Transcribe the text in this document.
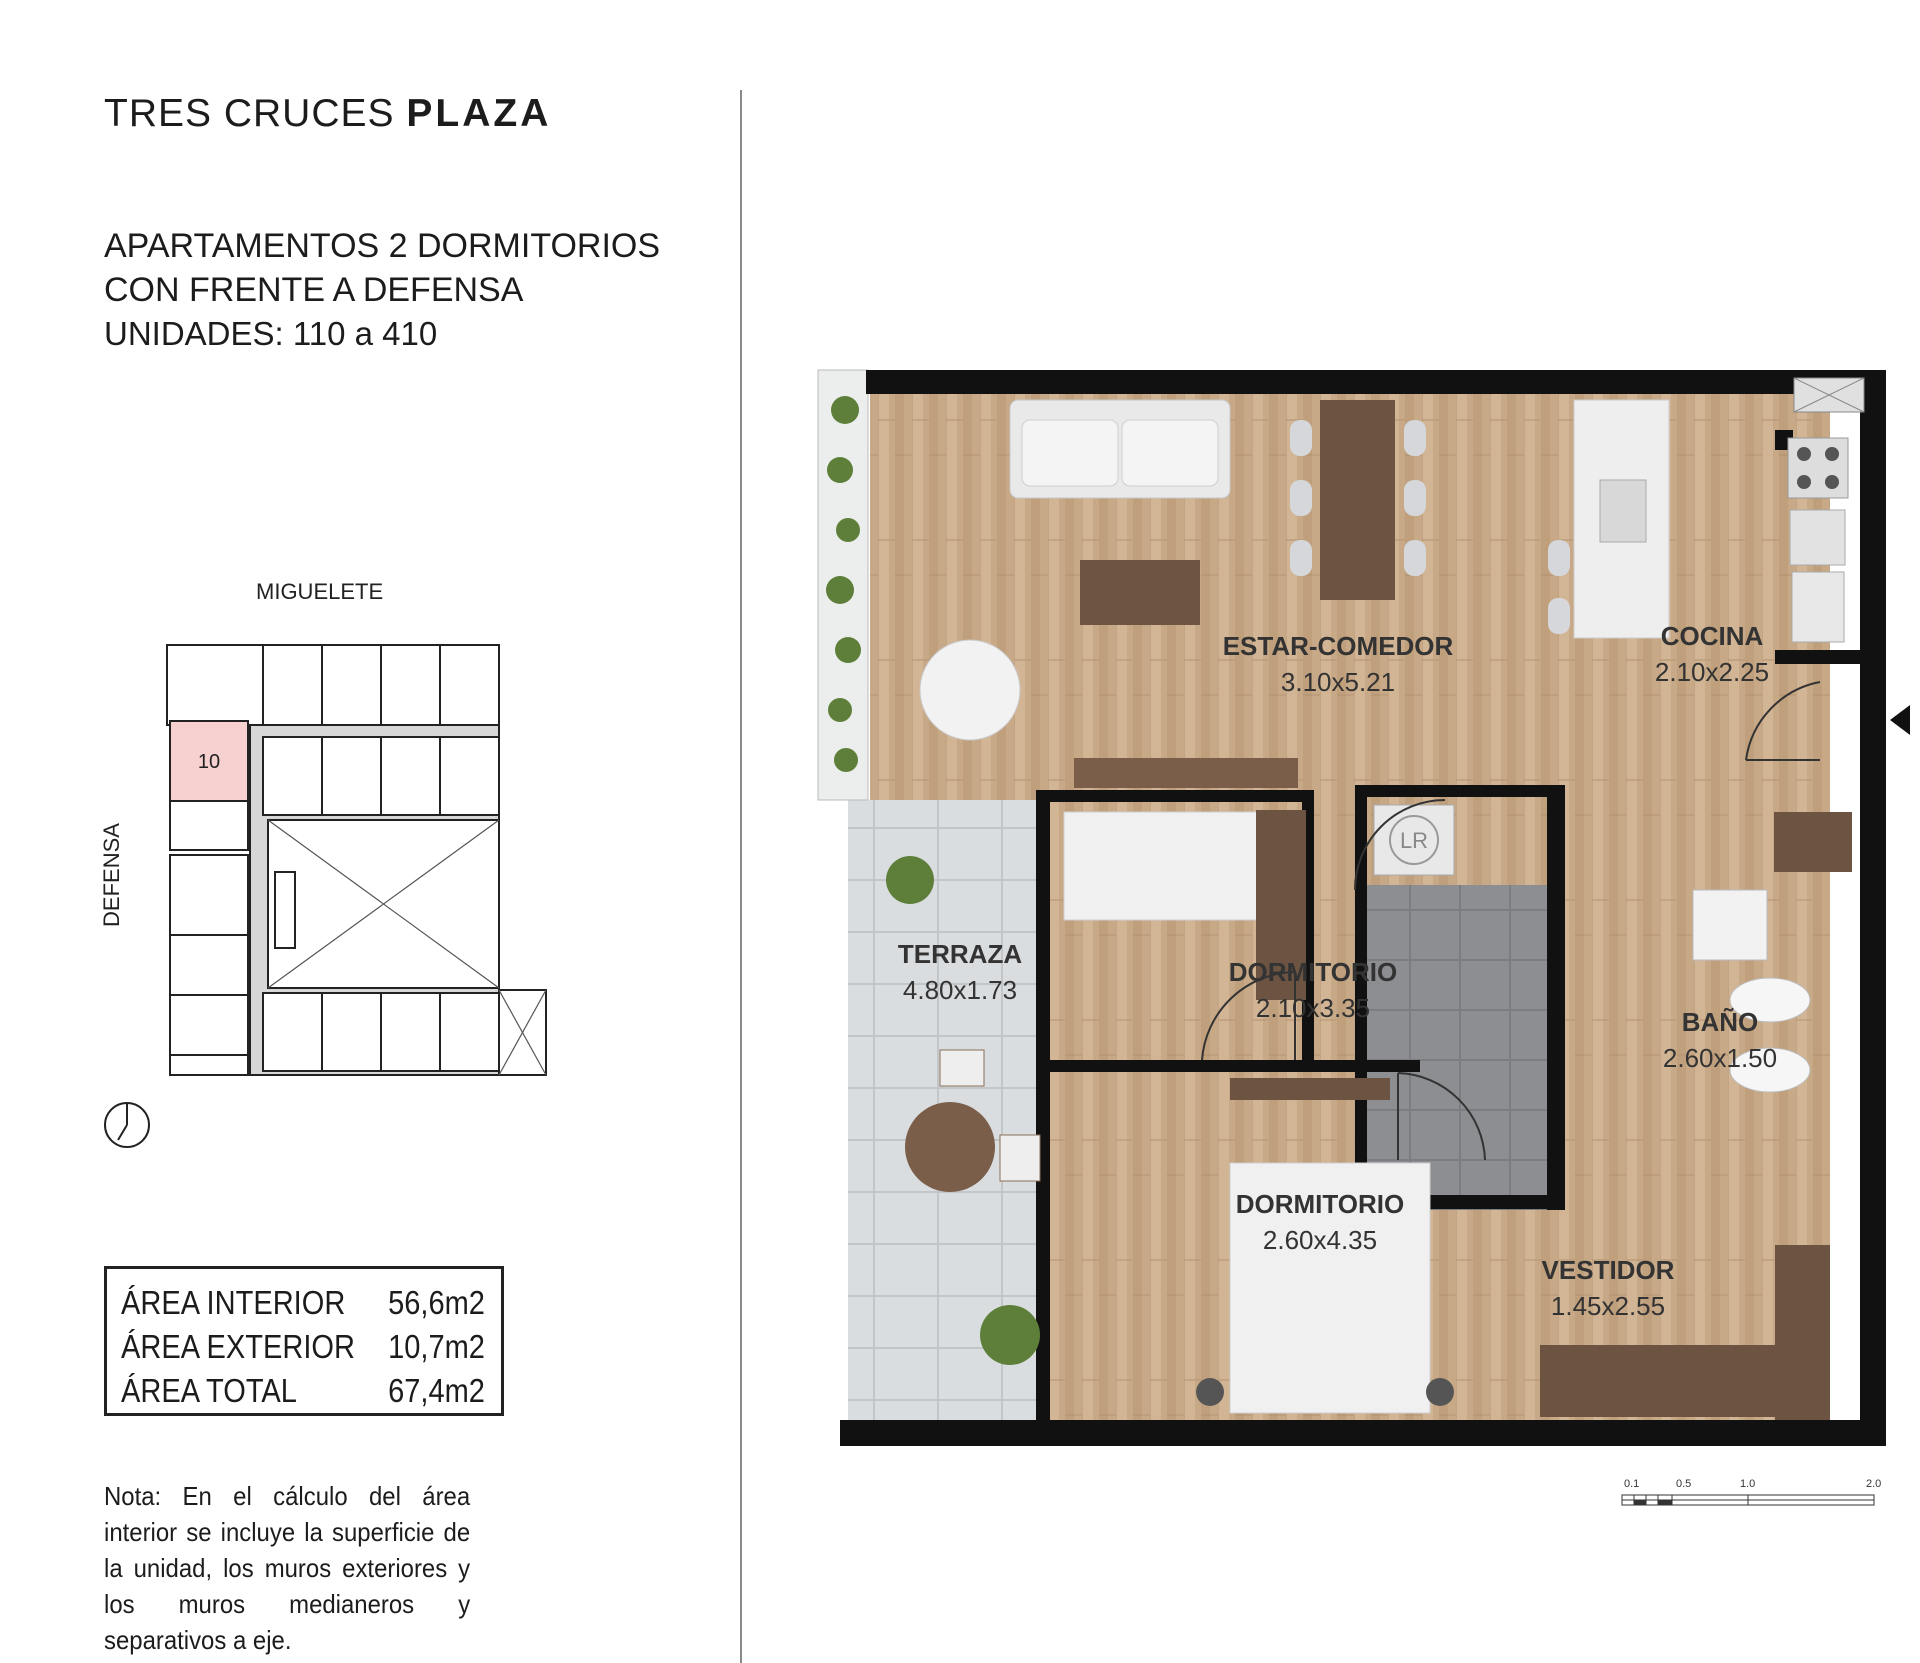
TRES CRUCES PLAZA
APARTAMENTOS 2 DORMITORIOS
CON FRENTE A DEFENSA
UNIDADES: 110 a 410
MIGUELETE
DEFENSA
10
ÁREA INTERIOR 56,6m2
ÁREA EXTERIOR 10,7m2
ÁREA TOTAL	67,4m2
Nota: En el cálculo del área interior se incluye la superficie de la unidad, los muros exteriores y los muros medianeros y separativos a eje.
LR
ESTAR-COMEDOR
3.10x5.21
COCINA
2.10x2.25
TERRAZA
4.80x1.73
DORMITORIO
2.10x3.35	BAÑO
2.60x1.50
DORMITORIO
2.60x4.35
VESTIDOR
1.45x2.55
0.1	0.5	1.0	2.0
